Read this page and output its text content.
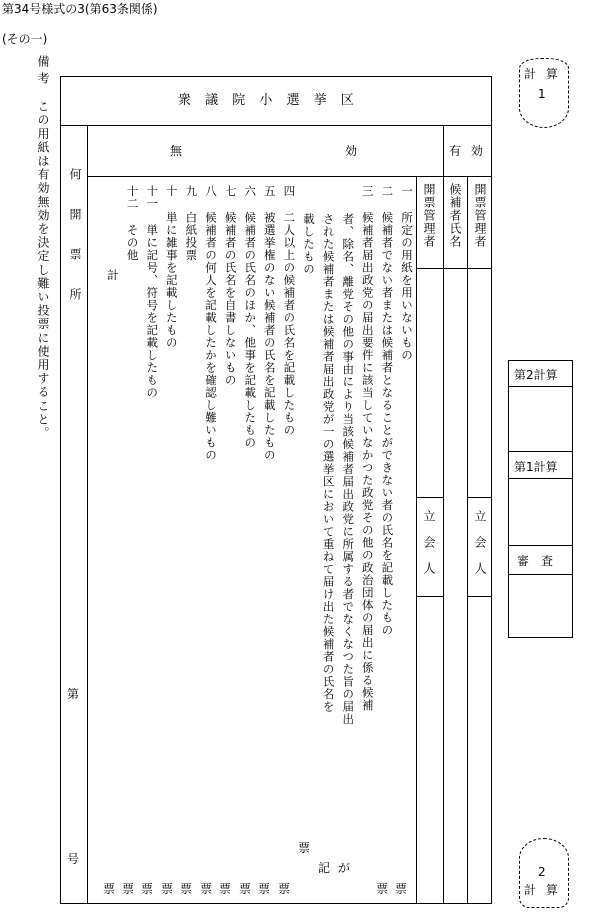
第34号様式の3(第63条関係)
(その一)
備考
この用紙は有効無効を決定し難い投票に使用すること。	衆 議 院 小 選 挙 区
何開票所
第
号
無	効	有 効
開票管理者 候補者氏名 開票管理者
立会人	立会人
一所定の用紙を用いないもの
二候補者でない者または候補者となることができない者の氏名を記載したもの
三候補者届出政党の届出要件に該当していなかつた政党その他の政治団体の届出に係る候補
者、除名、離党その他の事由により当該候補者届出政党に所属する者でなくなつた旨の届出
された候補者または候補者届出政党が一の選挙区において重ねて届け出た候補者の氏名を
載したもの
四二人以上の候補者の氏名を記載したもの
五被選挙権のない候補者の氏名を記載したもの
六候補者の氏名のほか、他事を記載したもの
七候補者の氏名を自書しないもの
八候補者の何人を記載したかを確認し難いもの
九白紙投票
十単に雑事を記載したもの
十一単に記号、符号を記載したもの
十二その他
計
記 が
票 票 票 票 票 票 票 票 票 票	票 票
票
計 算
1
第2計算
第1計算
審　査
2
計 算
